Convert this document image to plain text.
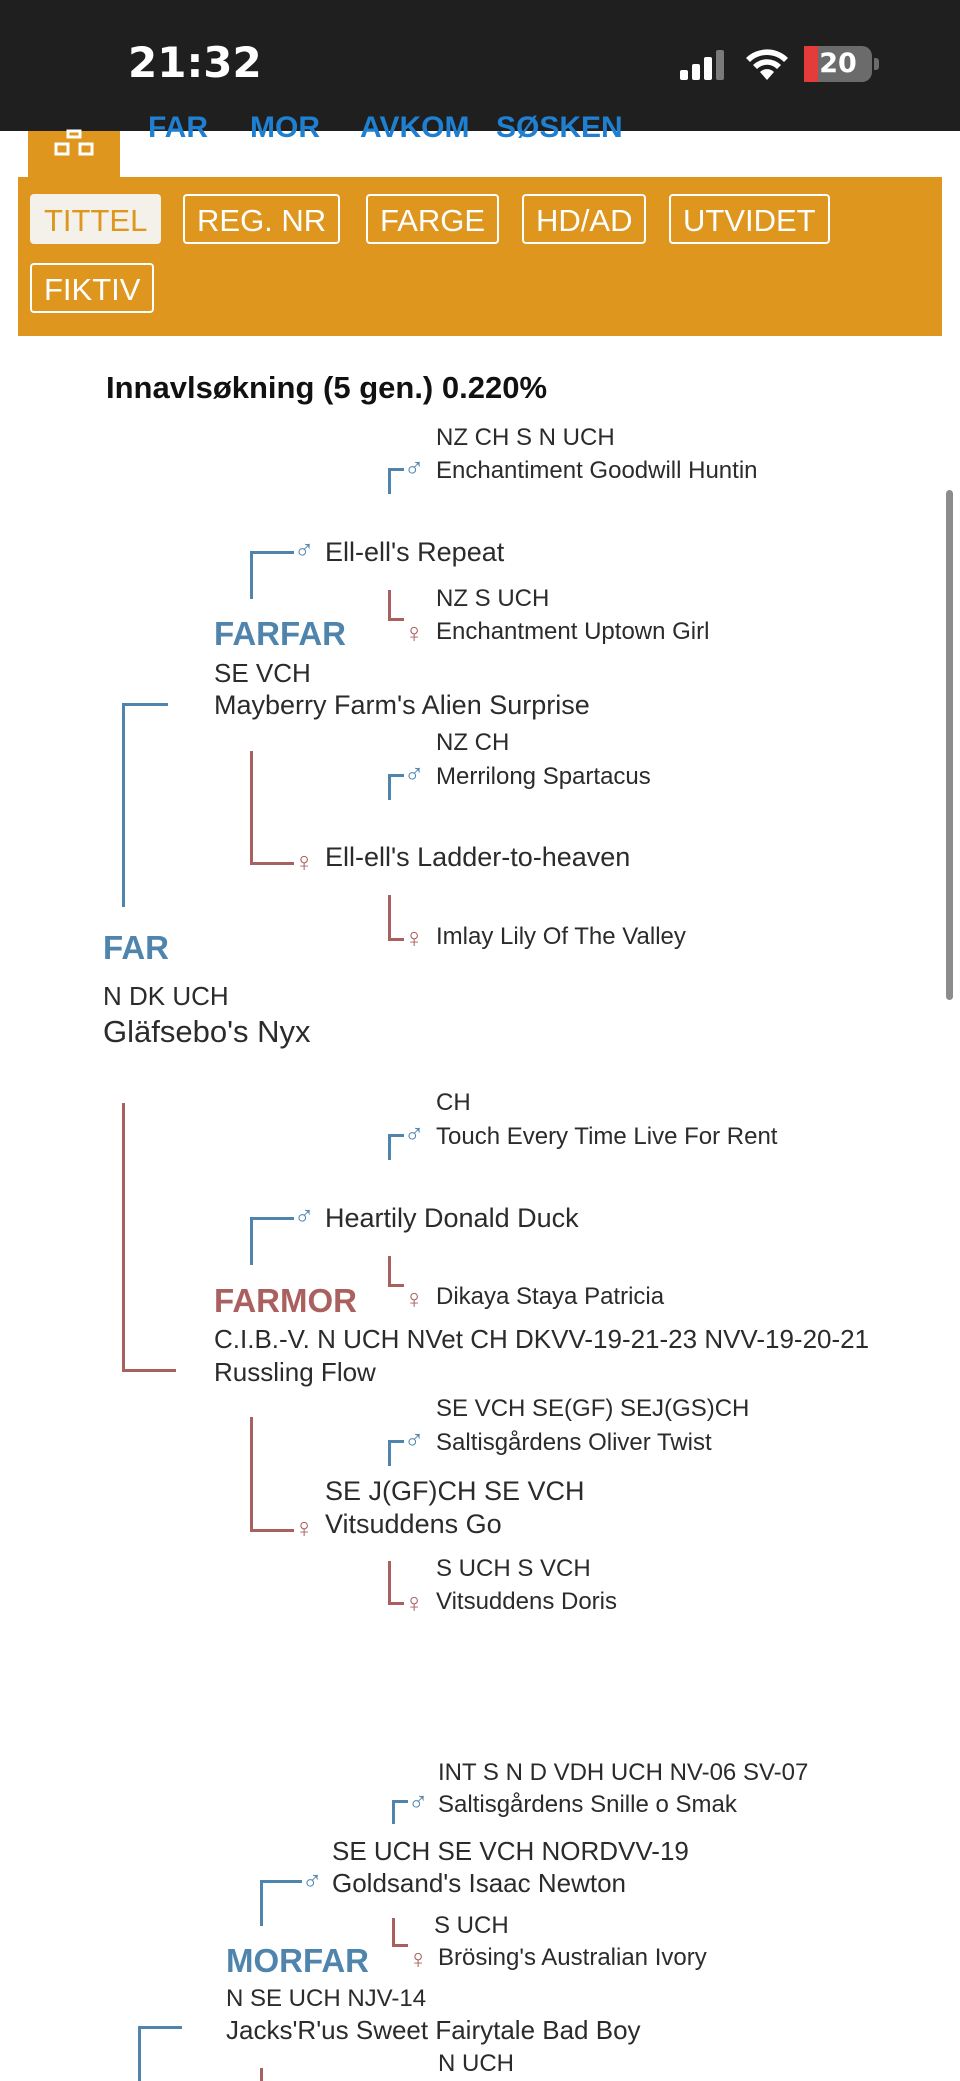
21:32	20
FAR MOR AVKOM SØSKEN
TITTEL	REG. NR	FARGE	HD/AD	UTVIDET
FIKTIV
Innavlsøkning (5 gen.) 0.220%
FAR
N DK UCH
Gläfsebo's Nyx
FARFAR
SE VCH
Mayberry Farm's Alien Surprise
♂ Ell-ell's Repeat
♂
NZ CH S N UCH
Enchantiment Goodwill Huntin
♀
NZ S UCH
Enchantment Uptown Girl
♀ Ell-ell's Ladder-to-heaven
♂
NZ CH
Merrilong Spartacus
♀ Imlay Lily Of The Valley
FARMOR
C.I.B.-V. N UCH NVet CH DKVV-19-21-23 NVV-19-20-21
Russling Flow
♂ Heartily Donald Duck
♂
CH
Touch Every Time Live For Rent
♀ Dikaya Staya Patricia
♀
SE J(GF)CH SE VCH
Vitsuddens Go
♂
SE VCH SE(GF) SEJ(GS)CH
Saltisgårdens Oliver Twist
♀
S UCH S VCH
Vitsuddens Doris
MORFAR
N SE UCH NJV-14
Jacks'R'us Sweet Fairytale Bad Boy
♂
SE UCH SE VCH NORDVV-19
Goldsand's Isaac Newton
♂
INT S N D VDH UCH NV-06 SV-07
Saltisgårdens Snille o Smak
♀
S UCH
Brösing's Australian Ivory
N UCH
